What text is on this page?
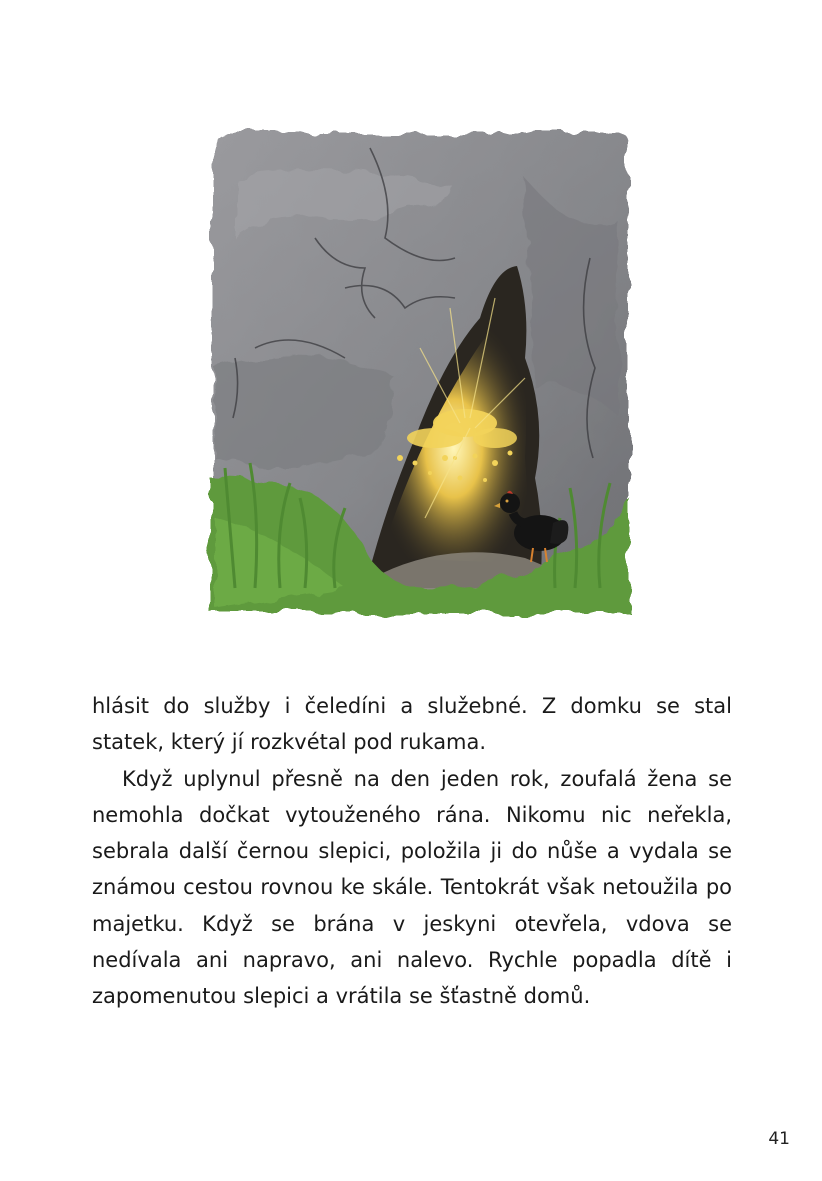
hlásit do služby i čeledíni a služebné. Z domku se stal statek, který jí rozkvétal pod rukama.

Když uplynul přesně na den jeden rok, zoufalá žena se nemohla dočkat vytouženého rána. Nikomu nic neřekla, sebrala další černou slepici, položila ji do nůše a vydala se známou cestou rovnou ke skále. Tentokrát však netoužila po majetku. Když se brána v jeskyni otevřela, vdova se nedívala ani napravo, ani nalevo. Rychle popadla dítě i zapomenutou slepici a vrátila se šťastně domů.

41
